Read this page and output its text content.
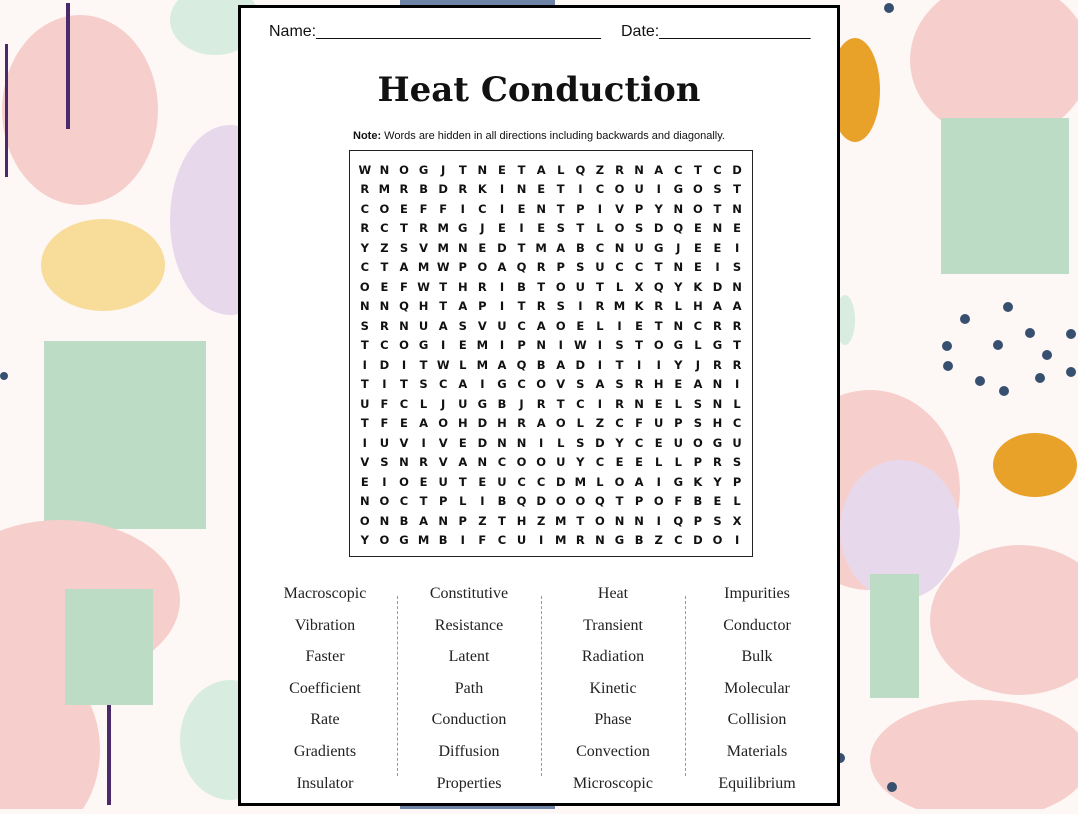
Name:________________________________ Date:_________________
Heat Conduction
Note: Words are hidden in all directions including backwards and diagonally.
W N O G	J	T N E	T A L Q Z R N A C T C D
R M R B D R K	I	N E	T	I	C O U	I	G O S	T
C O E	F	F	I	C	I	E N T P	I	V P Y N O T N
R C T R M G	J	E	I	E	S	T	L O S D Q E N E
Y Z S V M N E D T M A B C N U G	J	E	E	I
C T A M W P O A Q R P S U C C T N E	I	S
O E	F W T H R	I	B T O U T	L	X Q Y K D N
N N Q H T A P	I	T R S	I	R M K R	L H A A
S R N U A S V U C A O E	L	I	E	T N C R R
T C O G	I	E M	I	P N	I W I	S	T O G L G T
I	D	I	T W L M A Q B A D	I	T	I	I	Y	J	R R
T	I	T	S C A	I	G C O V S A S R H E A N	I
U F C	L	J	U G B	J	R T C	I	R N E	L	S N L
T	F	E A O H D H R A O L	Z C F U P S H C
I	U V	I	V E D N N	I	L	S D Y C E U O G U
V S N R V A N C O O U Y C E	E	L	L	P R S
E	I	O E U T	E U C C D M L O A	I	G K Y P
N O C T P	L	I	B Q D O O Q T P O F B E	L
O N B A N P Z T H Z M T O N N	I	Q P S X
Y O G M B	I	F C U	I	M R N G B Z C D O	I
Macroscopic
Vibration
Faster
Coefficient
Rate
Gradients
Insulator
Constitutive
Resistance
Latent
Path
Conduction
Diffusion
Properties
Heat
Transient
Radiation
Kinetic
Phase
Convection
Microscopic
Impurities
Conductor
Bulk
Molecular
Collision
Materials
Equilibrium
